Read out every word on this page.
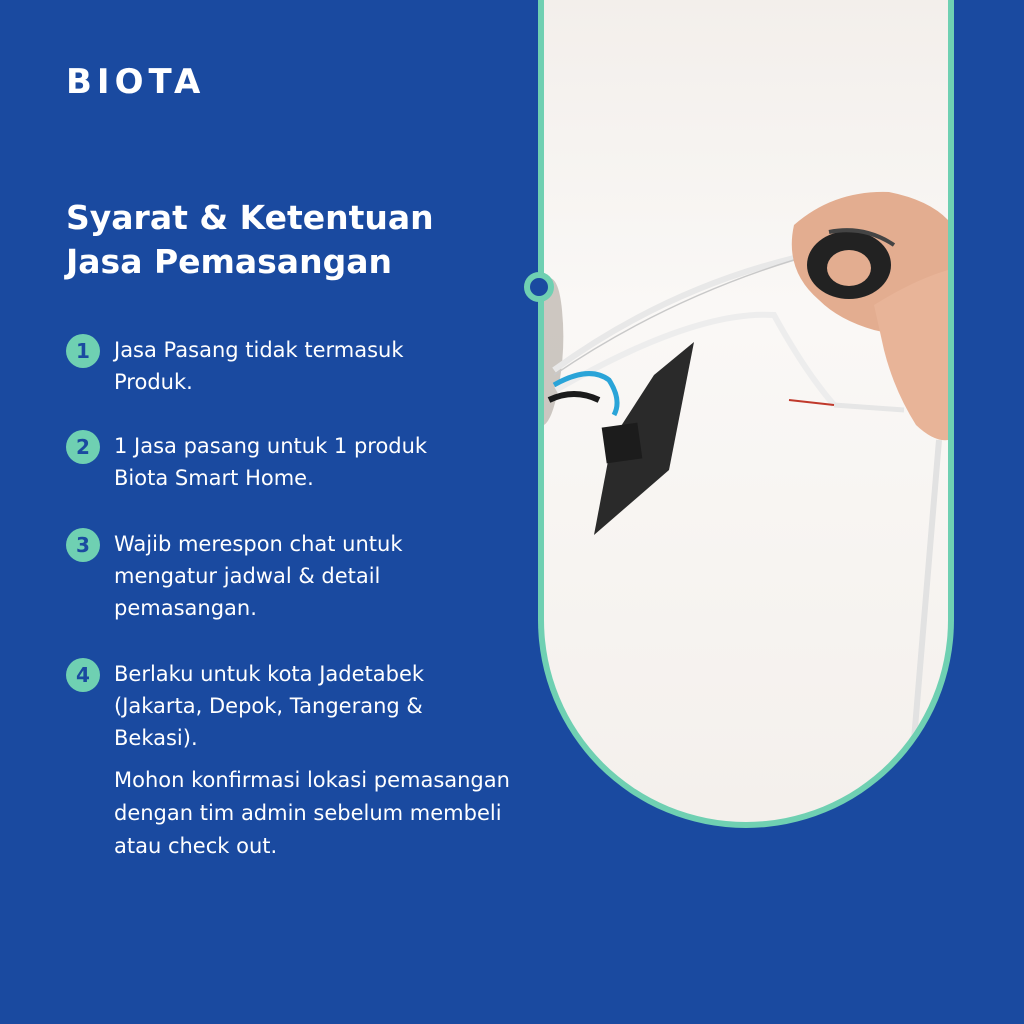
BIOTA
Syarat & Ketentuan
Jasa Pemasangan
1	Jasa Pasang tidak termasuk
Produk.
2	1 Jasa pasang untuk 1 produk
Biota Smart Home.
3	Wajib merespon chat untuk
mengatur jadwal & detail
pemasangan.
4	Berlaku untuk kota Jadetabek
(Jakarta, Depok, Tangerang &
Bekasi).
Mohon konfirmasi lokasi pemasangan
dengan tim admin sebelum membeli
atau check out.
